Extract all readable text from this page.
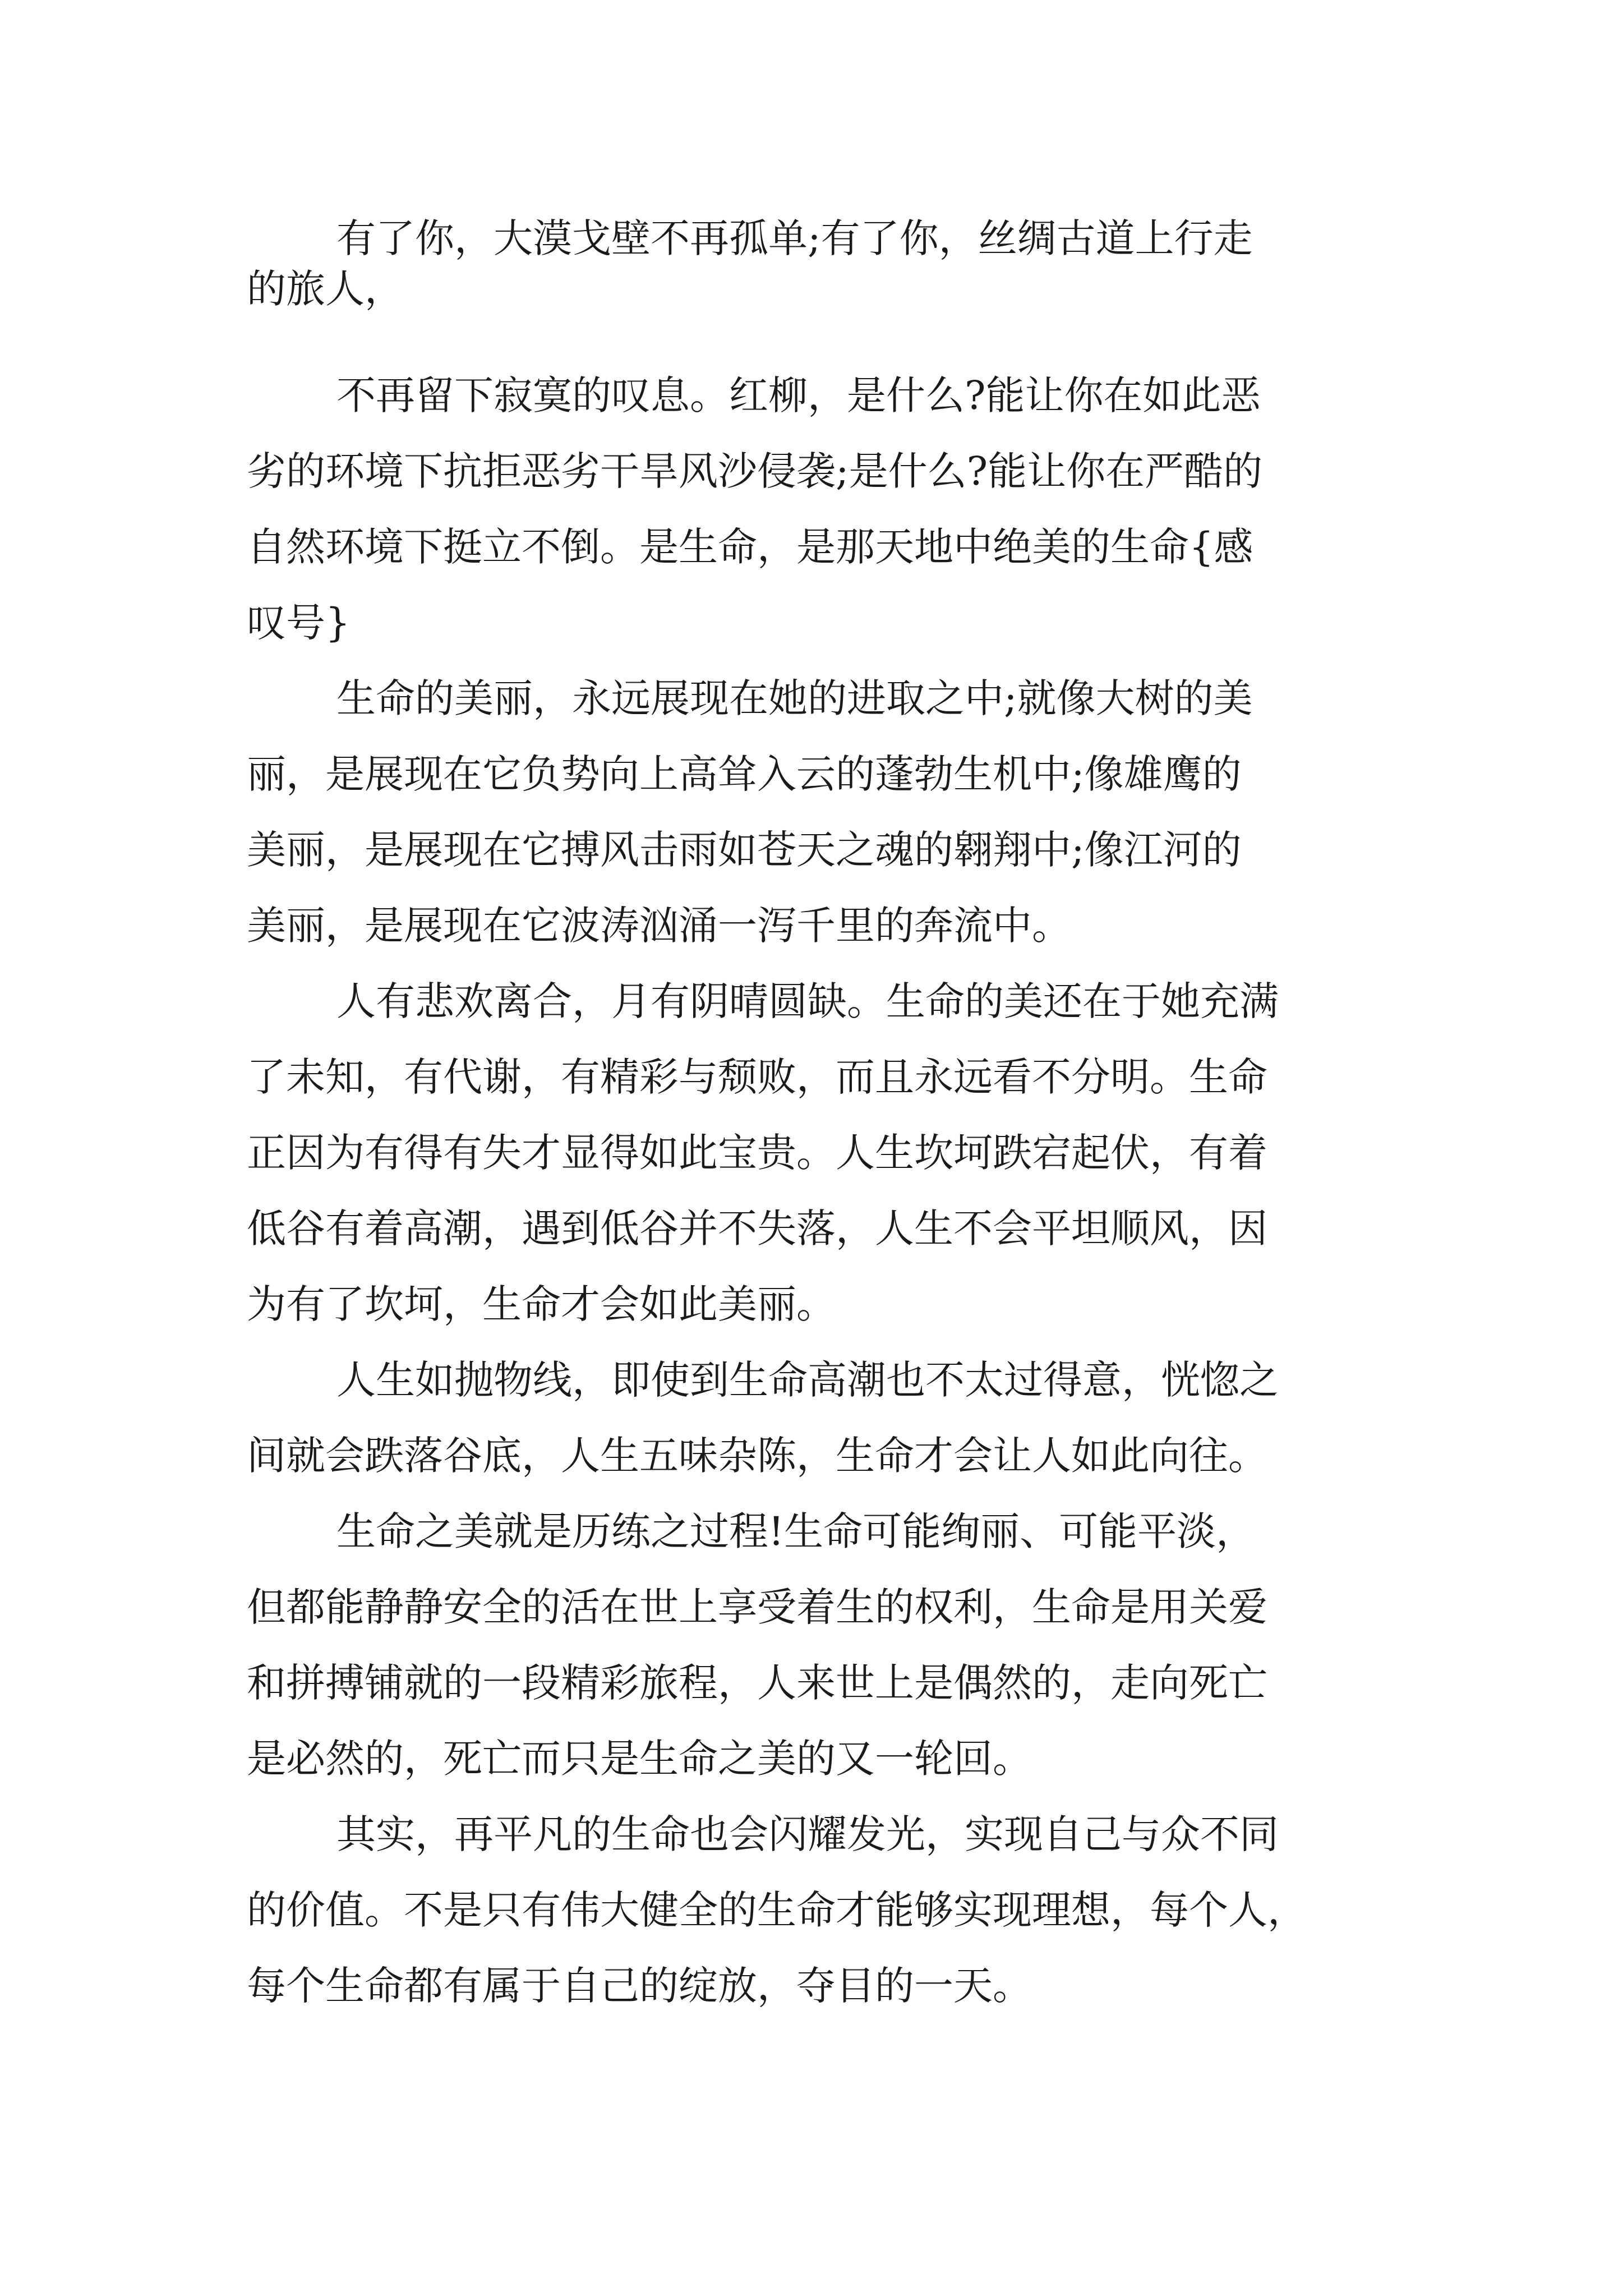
有了你，大漠戈壁不再孤单;有了你，丝绸古道上行走

的旅人，

不再留下寂寞的叹息。红柳，是什么?能让你在如此恶

劣的环境下抗拒恶劣干旱风沙侵袭;是什么?能让你在严酷的

自然环境下挺立不倒。是生命，是那天地中绝美的生命{感

叹号}

生命的美丽，永远展现在她的进取之中;就像大树的美

丽，是展现在它负势向上高耸入云的蓬勃生机中;像雄鹰的

美丽，是展现在它搏风击雨如苍天之魂的翱翔中;像江河的

美丽，是展现在它波涛汹涌一泻千里的奔流中。

人有悲欢离合，月有阴晴圆缺。生命的美还在于她充满

了未知，有代谢，有精彩与颓败，而且永远看不分明。生命

正因为有得有失才显得如此宝贵。人生坎坷跌宕起伏，有着

低谷有着高潮，遇到低谷并不失落，人生不会平坦顺风，因

为有了坎坷，生命才会如此美丽。

人生如抛物线，即使到生命高潮也不太过得意，恍惚之

间就会跌落谷底，人生五味杂陈，生命才会让人如此向往。

生命之美就是历练之过程!生命可能绚丽、可能平淡，

但都能静静安全的活在世上享受着生的权利，生命是用关爱

和拼搏铺就的一段精彩旅程，人来世上是偶然的，走向死亡

是必然的，死亡而只是生命之美的又一轮回。

其实，再平凡的生命也会闪耀发光，实现自己与众不同

的价值。不是只有伟大健全的生命才能够实现理想，每个人，

每个生命都有属于自己的绽放，夺目的一天。
